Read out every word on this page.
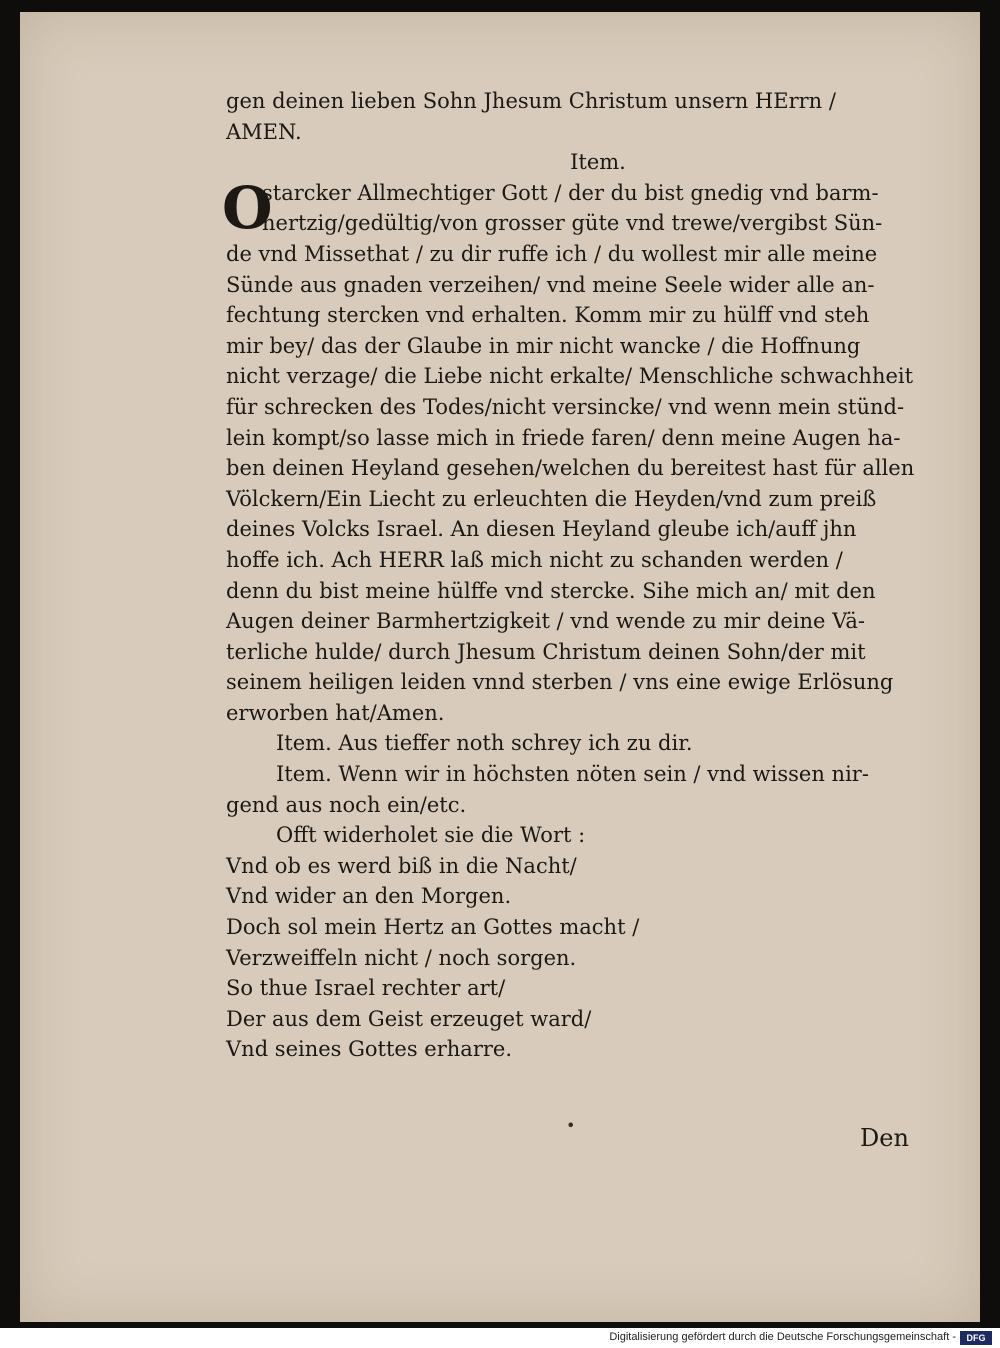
gen deinen lieben Sohn Jhesum Christum unsern HErrn /
AMEN.
Item.
O
starcker Allmechtiger Gott / der du bist gnedig vnd barm-
hertzig/gedültig/von grosser güte vnd trewe/vergibst Sün-
de vnd Missethat / zu dir ruffe ich / du wollest mir alle meine
Sünde aus gnaden verzeihen/ vnd meine Seele wider alle an-
fechtung stercken vnd erhalten. Komm mir zu hülff vnd steh
mir bey/ das der Glaube in mir nicht wancke / die Hoffnung
nicht verzage/ die Liebe nicht erkalte/ Menschliche schwachheit
für schrecken des Todes/nicht versincke/ vnd wenn mein stünd-
lein kompt/so lasse mich in friede faren/ denn meine Augen ha-
ben deinen Heyland gesehen/welchen du bereitest hast für allen
Völckern/Ein Liecht zu erleuchten die Heyden/vnd zum preiß
deines Volcks Israel. An diesen Heyland gleube ich/auff jhn
hoffe ich. Ach HERR laß mich nicht zu schanden werden /
denn du bist meine hülffe vnd stercke. Sihe mich an/ mit den
Augen deiner Barmhertzigkeit / vnd wende zu mir deine Vä-
terliche hulde/ durch Jhesum Christum deinen Sohn/der mit
seinem heiligen leiden vnnd sterben / vns eine ewige Erlösung
erworben hat/Amen.
Item. Aus tieffer noth schrey ich zu dir.
Item. Wenn wir in höchsten nöten sein / vnd wissen nir-
gend aus noch ein/etc.
Offt widerholet sie die Wort :
Vnd ob es werd biß in die Nacht/
Vnd wider an den Morgen.
Doch sol mein Hertz an Gottes macht /
Verzweiffeln nicht / noch sorgen.
So thue Israel rechter art/
Der aus dem Geist erzeuget ward/
Vnd seines Gottes erharre.
•	Den
Digitalisierung gefördert durch die Deutsche Forschungsgemeinschaft -	DFG
